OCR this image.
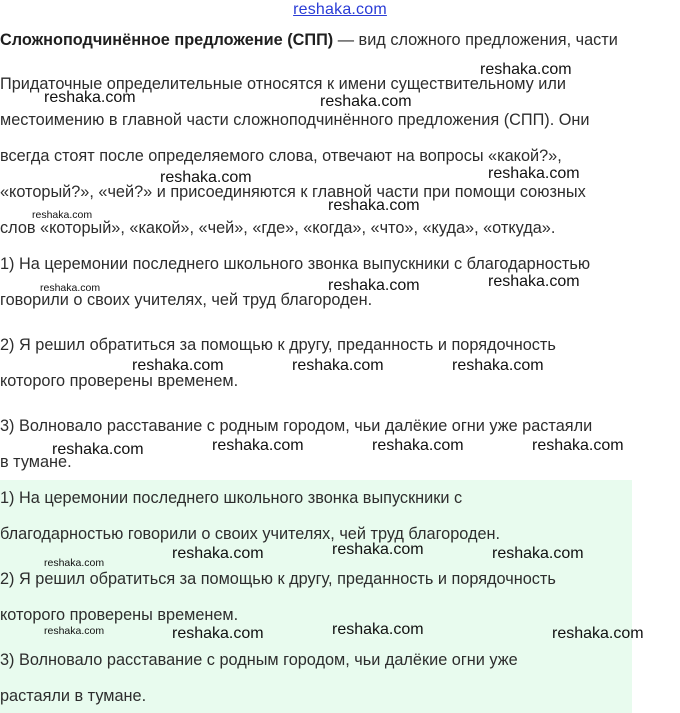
reshaka.com
Сложноподчинённое предложение (СПП) — вид сложного предложения, части
Придаточные определительные относятся к имени существительному или
местоимению в главной части сложноподчинённого предложения (СПП). Они
всегда стоят после определяемого слова, отвечают на вопросы «какой?»,
«который?», «чей?» и присоединяются к главной части при помощи союзных
слов «который», «какой», «чей», «где», «когда», «что», «куда», «откуда».
1) На церемонии последнего школьного звонка выпускники с благодарностью
говорили о своих учителях, чей труд благороден.
2) Я решил обратиться за помощью к другу, преданность и порядочность
которого проверены временем.
3) Волновало расставание с родным городом, чьи далёкие огни уже растаяли
в тумане.
1) На церемонии последнего школьного звонка выпускники с
благодарностью говорили о своих учителях, чей труд благороден.
2) Я решил обратиться за помощью к другу, преданность и порядочность
которого проверены временем.
3) Волновало расставание с родным городом, чьи далёкие огни уже
растаяли в тумане.
reshaka.com
reshaka.com	reshaka.com
reshaka.com
reshaka.com
reshaka.com
reshaka.com
reshaka.com	reshaka.com	reshaka.com
reshaka.com	reshaka.com	reshaka.com
reshaka.com	reshaka.com	reshaka.com	reshaka.com
reshaka.com
reshaka.com	reshaka.com	reshaka.com
reshaka.com	reshaka.com	reshaka.com	reshaka.com
